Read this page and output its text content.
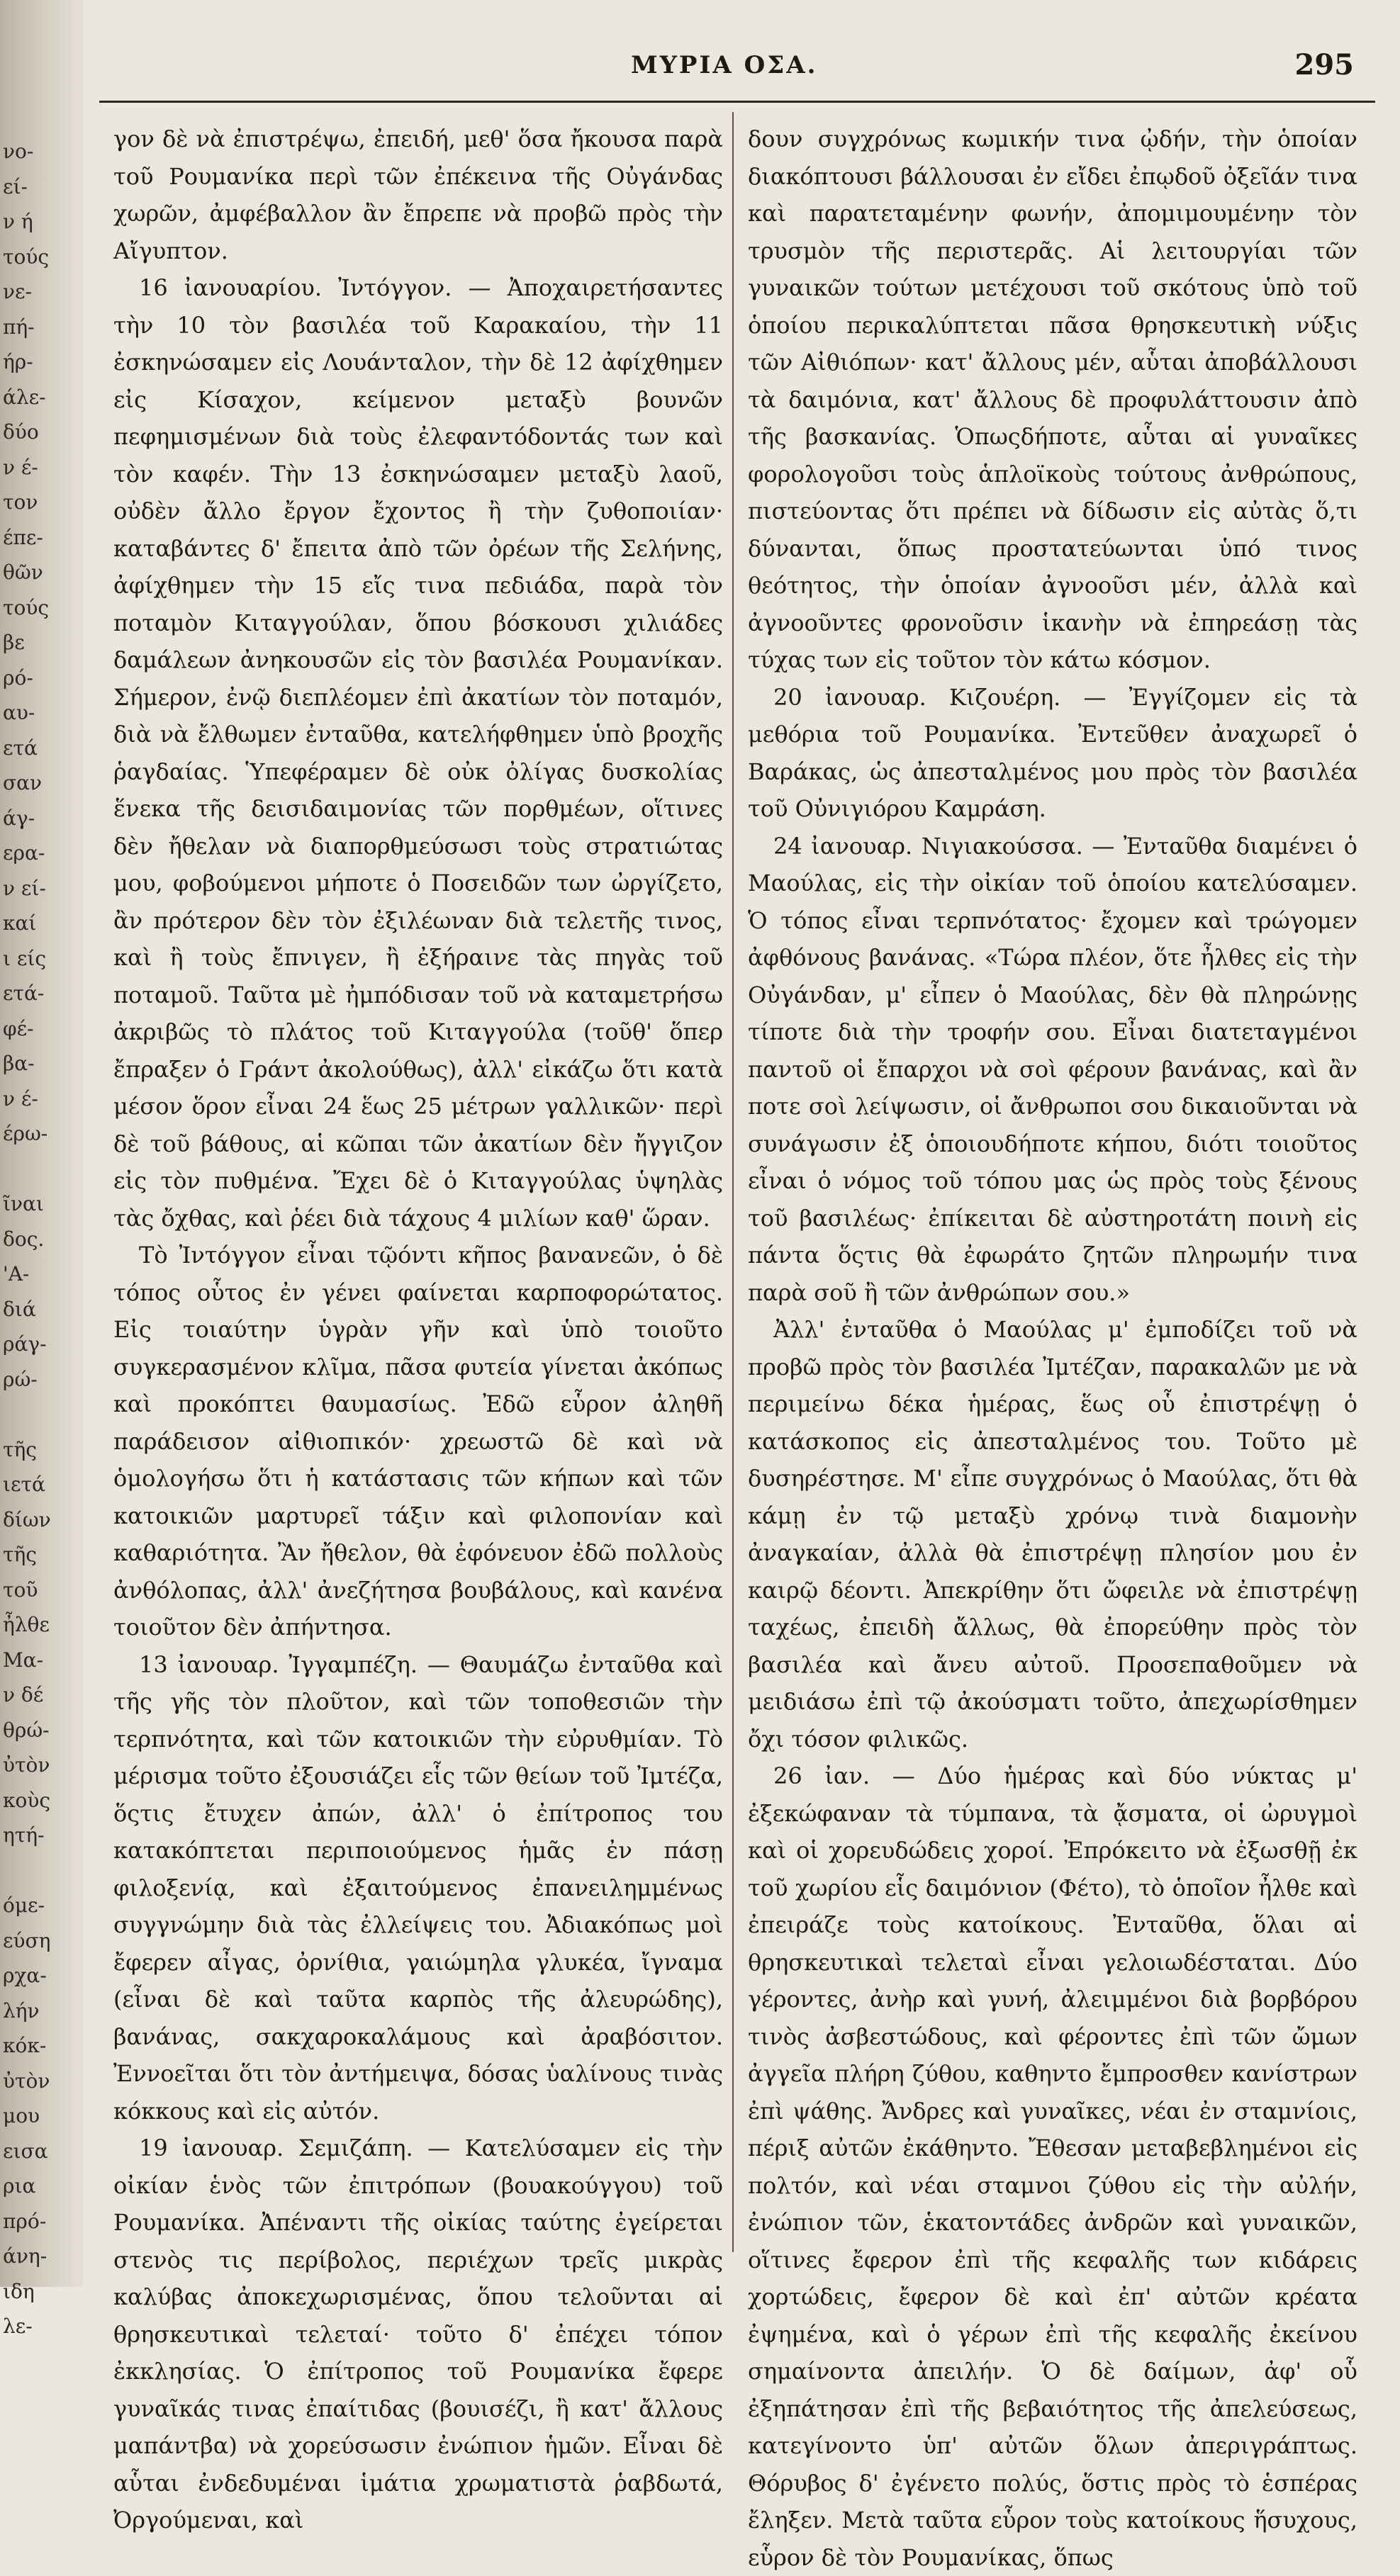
νο-
εί-
ν ή
τούς
νε-
πή-
ήρ-
άλε-
δύο
ν έ-
τον
έπε-
θῶν
τούς
βε
ρό-
αυ-
ετά
σαν
άγ-
ερα-
ν εί-
καί
ι είς
ετά-
φέ-
βα-
ν έ-
έρω-
ῖναι
δος.
'Α-
διά
ράγ-
ρώ-
τῆς
ιετά
δίων
τῆς
τοῦ
ἦλθε
Μα-
ν δέ
θρώ-
ὐτὸν
κοὺς
ητή-
όμε-
εύση
ρχα-
λήν
κόκ-
ὐτὸν
μου
εισα
ρια
πρό-
άνη-
ιδη
λε-
ΜΥΡΙΑ ΟΣΑ.	295

γον δὲ νὰ ἐπιστρέψω, ἐπειδή, μεθ' ὅσα ἤκουσα παρὰ τοῦ Ρουμανίκα περὶ τῶν ἐπέκεινα τῆς Οὐγάνδας χωρῶν, ἀμφέβαλλον ἂν ἔπρεπε νὰ προβῶ πρὸς τὴν Αἴγυπτον.

16 ἰανουαρίου. Ἰντόγγον. — Ἀποχαιρετήσαντες τὴν 10 τὸν βασιλέα τοῦ Καρακαίου, τὴν 11 ἐσκηνώσαμεν εἰς Λουάνταλον, τὴν δὲ 12 ἀφίχθημεν εἰς Κίσαχον, κείμενον μεταξὺ βουνῶν πεφημισμένων διὰ τοὺς ἐλεφαντόδοντάς των καὶ τὸν καφέν. Τὴν 13 ἐσκηνώσαμεν μεταξὺ λαοῦ, οὐδὲν ἄλλο ἔργον ἔχοντος ἢ τὴν ζυθοποιίαν· καταβάντες δ' ἔπειτα ἀπὸ τῶν ὀρέων τῆς Σελήνης, ἀφίχθημεν τὴν 15 εἴς τινα πεδιάδα, παρὰ τὸν ποταμὸν Κιταγγούλαν, ὅπου βόσκουσι χιλιάδες δαμάλεων ἀνηκουσῶν εἰς τὸν βασιλέα Ρουμανίκαν. Σήμερον, ἐνῷ διεπλέομεν ἐπὶ ἀκατίων τὸν ποταμόν, διὰ νὰ ἔλθωμεν ἐνταῦθα, κατελήφθημεν ὑπὸ βροχῆς ῥαγδαίας. Ὑπεφέραμεν δὲ οὐκ ὀλίγας δυσκολίας ἕνεκα τῆς δεισιδαιμονίας τῶν πορθμέων, οἵτινες δὲν ἤθελαν νὰ διαπορθμεύσωσι τοὺς στρατιώτας μου, φοβούμενοι μήποτε ὁ Ποσειδῶν των ὠργίζετο, ἂν πρότερον δὲν τὸν ἐξιλέωναν διὰ τελετῆς τινος, καὶ ἢ τοὺς ἔπνιγεν, ἢ ἐξήραινε τὰς πηγὰς τοῦ ποταμοῦ. Ταῦτα μὲ ἠμπόδισαν τοῦ νὰ καταμετρήσω ἀκριβῶς τὸ πλάτος τοῦ Κιταγγούλα (τοῦθ' ὅπερ ἔπραξεν ὁ Γράντ ἀκολούθως), ἀλλ' εἰκάζω ὅτι κατὰ μέσον ὅρον εἶναι 24 ἕως 25 μέτρων γαλλικῶν· περὶ δὲ τοῦ βάθους, αἱ κῶπαι τῶν ἀκατίων δὲν ἤγγιζον εἰς τὸν πυθμένα. Ἔχει δὲ ὁ Κιταγγούλας ὑψηλὰς τὰς ὄχθας, καὶ ῥέει διὰ τάχους 4 μιλίων καθ' ὥραν.

Τὸ Ἰντόγγον εἶναι τῷόντι κῆπος βανανεῶν, ὁ δὲ τόπος οὗτος ἐν γένει φαίνεται καρποφορώτατος. Εἰς τοιαύτην ὑγρὰν γῆν καὶ ὑπὸ τοιοῦτο συγκερασμένον κλῖμα, πᾶσα φυτεία γίνεται ἀκόπως καὶ προκόπτει θαυμασίως. Ἐδῶ εὗρον ἀληθῆ παράδεισον αἰθιοπικόν· χρεωστῶ δὲ καὶ νὰ ὁμολογήσω ὅτι ἡ κατάστασις τῶν κήπων καὶ τῶν κατοικιῶν μαρτυρεῖ τάξιν καὶ φιλοπονίαν καὶ καθαριότητα. Ἂν ἤθελον, θὰ ἐφόνευον ἐδῶ πολλοὺς ἀνθόλοπας, ἀλλ' ἀνεζήτησα βουβάλους, καὶ κανένα τοιοῦτον δὲν ἀπήντησα.

13 ἰανουαρ. Ἰγγαμπέζη. — Θαυμάζω ἐνταῦθα καὶ τῆς γῆς τὸν πλοῦτον, καὶ τῶν τοποθεσιῶν τὴν τερπνότητα, καὶ τῶν κατοικιῶν τὴν εὐρυθμίαν. Τὸ μέρισμα τοῦτο ἐξουσιάζει εἷς τῶν θείων τοῦ Ἰμτέζα, ὅςτις ἔτυχεν ἀπών, ἀλλ' ὁ ἐπίτροπος του κατακόπτεται περιποιούμενος ἡμᾶς ἐν πάσῃ φιλοξενίᾳ, καὶ ἐξαιτούμενος ἐπανειλημμένως συγγνώμην διὰ τὰς ἐλλείψεις του. Ἀδιακόπως μοὶ ἔφερεν αἶγας, ὀρνίθια, γαιώμηλα γλυκέα, ἴγναμα (εἶναι δὲ καὶ ταῦτα καρπὸς τῆς ἀλευρώδης), βανάνας, σακχαροκαλάμους καὶ ἀραβόσιτον. Ἐννοεῖται ὅτι τὸν ἀντήμειψα, δόσας ὑαλίνους τινὰς κόκκους καὶ εἰς αὐτόν.

19 ἰανουαρ. Σεμιζάπη. — Κατελύσαμεν εἰς τὴν οἰκίαν ἑνὸς τῶν ἐπιτρόπων (βουακούγγου) τοῦ Ρουμανίκα. Ἀπέναντι τῆς οἰκίας ταύτης ἐγείρεται στενὸς τις περίβολος, περιέχων τρεῖς μικρὰς καλύβας ἀποκεχωρισμένας, ὅπου τελοῦνται αἱ θρησκευτικαὶ τελεταί· τοῦτο δ' ἐπέχει τόπον ἐκκλησίας. Ὁ ἐπίτροπος τοῦ Ρουμανίκα ἔφερε γυναῖκάς τινας ἐπαίτιδας (βουισέζι, ἢ κατ' ἄλλους μαπάντβα) νὰ χορεύσωσιν ἐνώπιον ἡμῶν. Εἶναι δὲ αὗται ἐνδεδυμέναι ἱμάτια χρωματιστὰ ῥαβδωτά, Ὀργούμεναι, καὶ

δουν συγχρόνως κωμικήν τινα ᾠδήν, τὴν ὁποίαν διακόπτουσι βάλλουσαι ἐν εἴδει ἐπῳδοῦ ὀξεῖάν τινα καὶ παρατεταμένην φωνήν, ἀπομιμουμένην τὸν τρυσμὸν τῆς περιστερᾶς. Αἱ λειτουργίαι τῶν γυναικῶν τούτων μετέχουσι τοῦ σκότους ὑπὸ τοῦ ὁποίου περικαλύπτεται πᾶσα θρησκευτικὴ νύξις τῶν Αἰθιόπων· κατ' ἄλλους μέν, αὗται ἀποβάλλουσι τὰ δαιμόνια, κατ' ἄλλους δὲ προφυλάττουσιν ἀπὸ τῆς βασκανίας. Ὁπωςδήποτε, αὗται αἱ γυναῖκες φορολογοῦσι τοὺς ἁπλοϊκοὺς τούτους ἀνθρώπους, πιστεύοντας ὅτι πρέπει νὰ δίδωσιν εἰς αὐτὰς ὅ,τι δύνανται, ὅπως προστατεύωνται ὑπό τινος θεότητος, τὴν ὁποίαν ἀγνοοῦσι μέν, ἀλλὰ καὶ ἀγνοοῦντες φρονοῦσιν ἱκανὴν νὰ ἐπηρεάσῃ τὰς τύχας των εἰς τοῦτον τὸν κάτω κόσμον.

20 ἰανουαρ. Κιζουέρη. — Ἐγγίζομεν εἰς τὰ μεθόρια τοῦ Ρουμανίκα. Ἐντεῦθεν ἀναχωρεῖ ὁ Βαράκας, ὡς ἀπεσταλμένος μου πρὸς τὸν βασιλέα τοῦ Οὐνιγιόρου Καμράση.

24 ἰανουαρ. Νιγιακούσσα. — Ἐνταῦθα διαμένει ὁ Μαούλας, εἰς τὴν οἰκίαν τοῦ ὁποίου κατελύσαμεν. Ὁ τόπος εἶναι τερπνότατος· ἔχομεν καὶ τρώγομεν ἀφθόνους βανάνας. «Τώρα πλέον, ὅτε ἦλθες εἰς τὴν Οὐγάνδαν, μ' εἶπεν ὁ Μαούλας, δὲν θὰ πληρώνῃς τίποτε διὰ τὴν τροφήν σου. Εἶναι διατεταγμένοι παντοῦ οἱ ἔπαρχοι νὰ σοὶ φέρουν βανάνας, καὶ ἂν ποτε σοὶ λείψωσιν, οἱ ἄνθρωποι σου δικαιοῦνται νὰ συνάγωσιν ἐξ ὁποιουδήποτε κήπου, διότι τοιοῦτος εἶναι ὁ νόμος τοῦ τόπου μας ὡς πρὸς τοὺς ξένους τοῦ βασιλέως· ἐπίκειται δὲ αὐστηροτάτη ποινὴ εἰς πάντα ὅςτις θὰ ἐφωράτο ζητῶν πληρωμήν τινα παρὰ σοῦ ἢ τῶν ἀνθρώπων σου.»

Ἀλλ' ἐνταῦθα ὁ Μαούλας μ' ἐμποδίζει τοῦ νὰ προβῶ πρὸς τὸν βασιλέα Ἰμτέζαν, παρακαλῶν με νὰ περιμείνω δέκα ἡμέρας, ἕως οὗ ἐπιστρέψῃ ὁ κατάσκοπος εἰς ἀπεσταλμένος του. Τοῦτο μὲ δυσηρέστησε. Μ' εἶπε συγχρόνως ὁ Μαούλας, ὅτι θὰ κάμῃ ἐν τῷ μεταξὺ χρόνῳ τινὰ διαμονὴν ἀναγκαίαν, ἀλλὰ θὰ ἐπιστρέψῃ πλησίον μου ἐν καιρῷ δέοντι. Ἀπεκρίθην ὅτι ὤφειλε νὰ ἐπιστρέψῃ ταχέως, ἐπειδὴ ἄλλως, θὰ ἐπορεύθην πρὸς τὸν βασιλέα καὶ ἄνευ αὐτοῦ. Προσεπαθοῦμεν νὰ μειδιάσω ἐπὶ τῷ ἀκούσματι τοῦτο, ἀπεχωρίσθημεν ὄχι τόσον φιλικῶς.

26 ἰαν. — Δύο ἡμέρας καὶ δύο νύκτας μ' ἐξεκώφαναν τὰ τύμπανα, τὰ ᾄσματα, οἱ ὠρυγμοὶ καὶ οἱ χορευδώδεις χοροί. Ἐπρόκειτο νὰ ἐξωσθῇ ἐκ τοῦ χωρίου εἷς δαιμόνιον (Φέτο), τὸ ὁποῖον ἦλθε καὶ ἐπειράζε τοὺς κατοίκους. Ἐνταῦθα, ὅλαι αἱ θρησκευτικαὶ τελεταὶ εἶναι γελοιωδέσταται. Δύο γέροντες, ἀνὴρ καὶ γυνή, ἀλειμμένοι διὰ βορβόρου τινὸς ἀσβεστώδους, καὶ φέροντες ἐπὶ τῶν ὤμων ἀγγεῖα πλήρη ζύθου, καθηντο ἔμπροσθεν κανίστρων ἐπὶ ψάθης. Ἄνδρες καὶ γυναῖκες, νέαι ἐν σταμνίοις, πέριξ αὐτῶν ἐκάθηντο. Ἔθεσαν μεταβεβλημένοι εἰς πολτόν, καὶ νέαι σταμνοι ζύθου εἰς τὴν αὐλήν, ἐνώπιον τῶν, ἑκατοντάδες ἀνδρῶν καὶ γυναικῶν, οἵτινες ἔφερον ἐπὶ τῆς κεφαλῆς των κιδάρεις χορτώδεις, ἔφερον δὲ καὶ ἐπ' αὐτῶν κρέατα ἐψημένα, καὶ ὁ γέρων ἐπὶ τῆς κεφαλῆς ἐκείνου σημαίνοντα ἀπειλήν. Ὁ δὲ δαίμων, ἀφ' οὗ ἐξηπάτησαν ἐπὶ τῆς βεβαιότητος τῆς ἀπελεύσεως, κατεγίνοντο ὑπ' αὐτῶν ὅλων ἀπεριγράπτως. Θόρυβος δ' ἐγένετο πολύς, ὅστις πρὸς τὸ ἑσπέρας ἔληξεν. Μετὰ ταῦτα εὗρον τοὺς κατοίκους ἥσυχους, εὗρον δὲ τὸν Ρουμανίκας, ὅπως
